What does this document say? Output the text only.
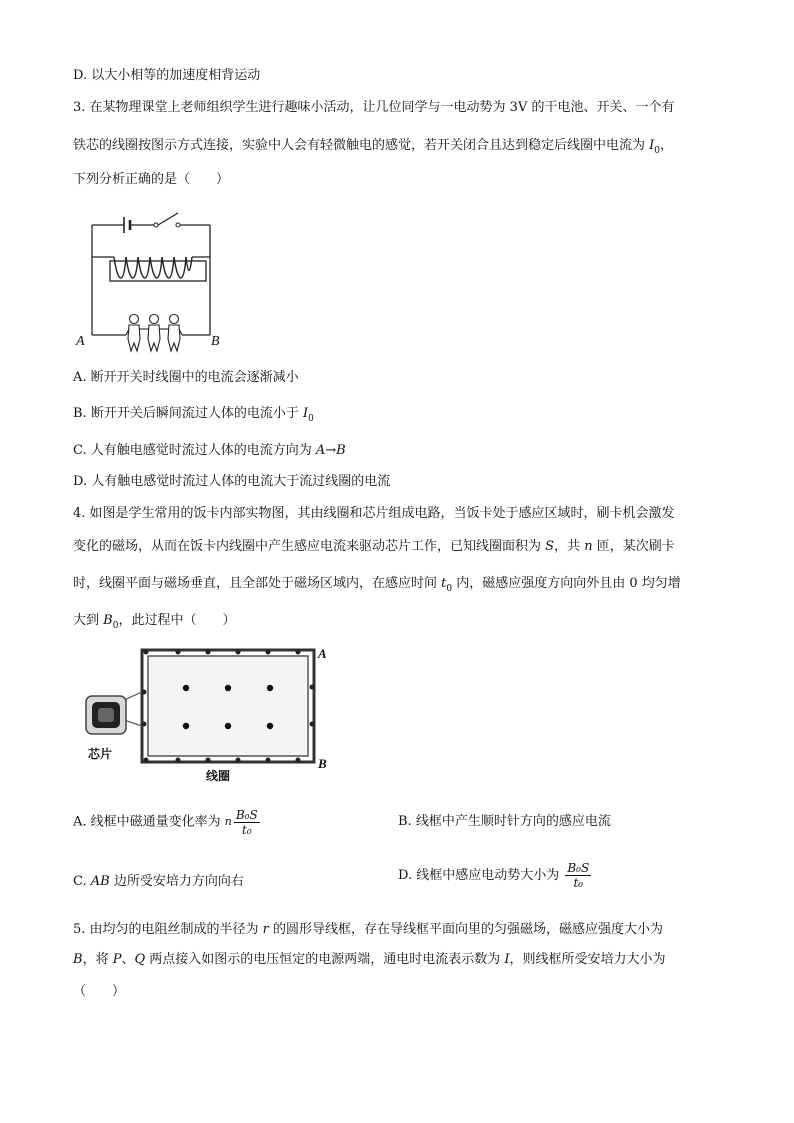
D. 以大小相等的加速度相背运动
3. 在某物理课堂上老师组织学生进行趣味小活动，让几位同学与一电动势为 3V 的干电池、开关、一个有
铁芯的线圈按图示方式连接，实验中人会有轻微触电的感觉，若开关闭合且达到稳定后线圈中电流为 $I_0$，
下列分析正确的是（　　）
A	B
A. 断开开关时线圈中的电流会逐渐减小
B. 断开开关后瞬间流过人体的电流小于 $I_0$
C. 人有触电感觉时流过人体的电流方向为 A→B
D. 人有触电感觉时流过人体的电流大于流过线圈的电流
4. 如图是学生常用的饭卡内部实物图，其由线圈和芯片组成电路，当饭卡处于感应区域时，刷卡机会激发
变化的磁场，从而在饭卡内线圈中产生感应电流来驱动芯片工作，已知线圈面积为 S，共 n 匝，某次刷卡
时，线圈平面与磁场垂直，且全部处于磁场区域内，在感应时间 $t_0$ 内，磁感应强度方向向外且由 0 均匀增
大到 $B_0$，此过程中（　　）
芯片
线圈
A
B
A. 线框中磁通量变化率为 n $\frac{\text{B₀S}}{\text{t₀}}$	B. 线框中产生顺时针方向的感应电流
C. AB 边所受安培力方向向右	D. 线框中感应电动势大小为 $\frac{\text{B₀S}}{\text{t₀}}$
5. 由均匀的电阻丝制成的半径为 r 的圆形导线框，存在导线框平面向里的匀强磁场，磁感应强度大小为
B，将 P、Q 两点接入如图示的电压恒定的电源两端，通电时电流表示数为 I，则线框所受安培力大小为
（　　）
